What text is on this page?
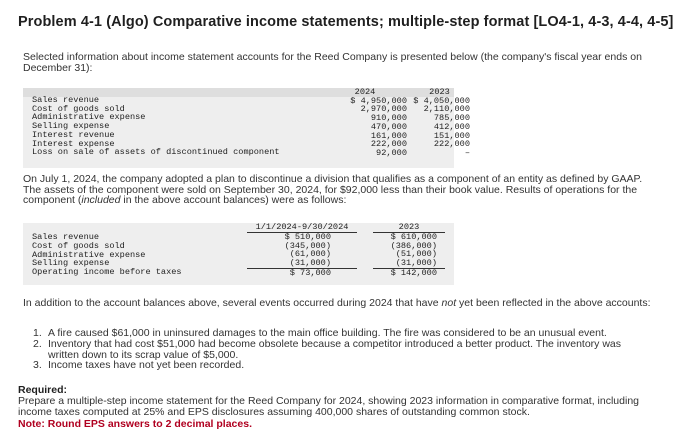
Problem 4-1 (Algo) Comparative income statements; multiple-step format [LO4-1, 4-3, 4-4, 4-5]
Selected information about income statement accounts for the Reed Company is presented below (the company's fiscal year ends on December 31):
Sales revenue
Cost of goods sold
Administrative expense
Selling expense
Interest revenue
Interest expense
Loss on sale of assets of discontinued component
2024
$ 4,950,000
2,970,000
910,000
470,000
161,000
222,000
92,000
2023
$ 4,050,000
2,110,000
785,000
412,000
151,000
222,000
–
On July 1, 2024, the company adopted a plan to discontinue a division that qualifies as a component of an entity as defined by GAAP. The assets of the component were sold on September 30, 2024, for $92,000 less than their book value. Results of operations for the component (included in the above account balances) were as follows:
Sales revenue
Cost of goods sold
Administrative expense
Selling expense
Operating income before taxes
1/1/2024-9/30/2024
$ 510,000
(345,000)
(61,000)
(31,000)
$ 73,000
2023
$ 610,000
(386,000)
(51,000)
(31,000)
$ 142,000
In addition to the account balances above, several events occurred during 2024 that have not yet been reflected in the above accounts:
1. A fire caused $61,000 in uninsured damages to the main office building. The fire was considered to be an unusual event.
2. Inventory that had cost $51,000 had become obsolete because a competitor introduced a better product. The inventory was written down to its scrap value of $5,000.
3. Income taxes have not yet been recorded.
Required:
Prepare a multiple-step income statement for the Reed Company for 2024, showing 2023 information in comparative format, including income taxes computed at 25% and EPS disclosures assuming 400,000 shares of outstanding common stock.
Note: Round EPS answers to 2 decimal places.
